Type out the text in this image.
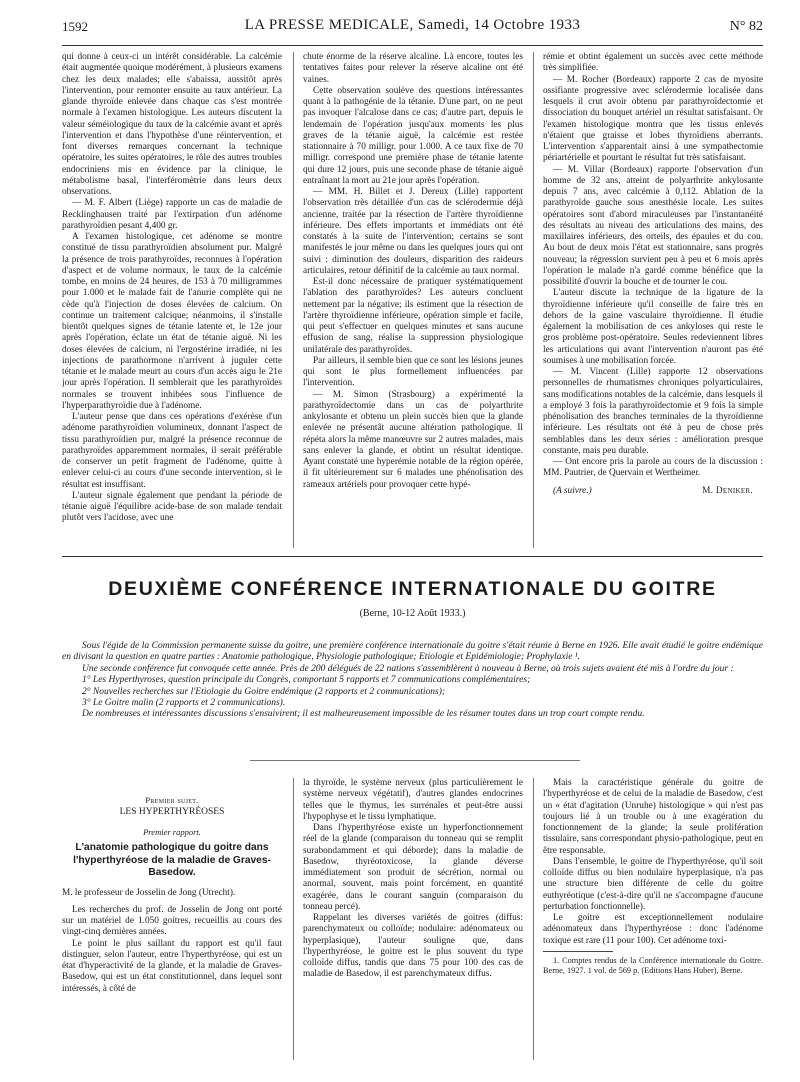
1592	LA PRESSE MEDICALE, Samedi, 14 Octobre 1933	N° 82

qui donne à ceux-ci un intérêt considérable. La calcémie était augmentée quoique modérément, à plusieurs examens chez les deux malades; elle s'abaissa, aussitôt après l'intervention, pour remonter ensuite au taux antérieur. La glande thyroïde enlevée dans chaque cas s'est montrée normale à l'examen histologique. Les auteurs discutent la valeur séméiologique du taux de la calcémie avant et après l'intervention et dans l'hypothèse d'une réintervention, et font diverses remarques concernant la technique opératoire, les suites opératoires, le rôle des autres troubles endocriniens mis en évidence par la clinique, le métabolisme basal, l'interféromètrie dans leurs deux observations.

— M. F. Albert (Liège) rapporte un cas de maladie de Recklinghausen traité par l'extirpation d'un adénome parathyroïdien pesant 4,400 gr.

A l'examen histologique, cet adénome se montre constitué de tissu parathyroïdien absolument pur. Malgré la présence de trois parathyroïdes, reconnues à l'opération d'aspect et de volume normaux, le taux de la calcémie tombe, en moins de 24 heures, de 153 à 70 milligrammes pour 1.000 et le malade fait de l'anurie complète qui ne cède qu'à l'injection de doses élevées de calcium. On continue un traitement calcique; néanmoins, il s'installe bientôt quelques signes de tétanie latente et, le 12e jour après l'opération, éclate un état de tétanie aiguë. Ni les doses élevées de calcium, ni l'ergostérine irradiée, ni les injections de parathormone n'arrivent à juguler cette tétanie et le malade meurt au cours d'un accès aigu le 21e jour après l'opération. Il semblerait que les parathyroïdes normales se trouvent inhibées sous l'influence de l'hyperparathyroïdie due à l'adénome.

L'auteur pense que dans ces opérations d'exérèse d'un adénome parathyroïdien volumineux, donnant l'aspect de tissu parathyroïdien pur, malgré la présence reconnue de parathyroïdes apparemment normales, il serait préférable de conserver un petit fragment de l'adénome, quitte à enlever celui-ci au cours d'une seconde intervention, si le résultat est insuffisant.

L'auteur signale également que pendant la période de tétanie aiguë l'équilibre acide-base de son malade tendait plutôt vers l'acidose, avec une

chute énorme de la réserve alcaline. Là encore, toutes les tentatives faites pour relever la réserve alcaline ont été vaines.

Cette observation soulève des questions intéressantes quant à la pathogénie de la tétanie. D'une part, on ne peut pas invoquer l'alcalose dans ce cas; d'autre part, depuis le lendemain de l'opération jusqu'aux moments les plus graves de la tétanie aiguë, la calcémie est restée stationnaire à 70 milligr. pour 1.000. A ce taux fixe de 70 milligr. correspond une première phase de tétanie latente qui dure 12 jours, puis une seconde phase de tétanie aiguë entraînant la mort au 21e jour après l'opération.

— MM. H. Billet et J. Dereux (Lille) rapportent l'observation très détaillée d'un cas de sclérodermie déjà ancienne, traitée par la résection de l'artère thyroïdienne inférieure. Des effets importants et immédiats ont été constatés à la suite de l'intervention; certains se sont manifestés le jour même ou dans les quelques jours qui ont suivi : diminution des douleurs, disparition des raideurs articulaires, retour définitif de la calcémie au taux normal.

Est-il donc nécessaire de pratiquer systématiquement l'ablation des parathyroïdes? Les auteurs concluent nettement par la négative; ils estiment que la résection de l'artère thyroïdienne inférieure, opération simple et facile, qui peut s'effectuer en quelques minutes et sans aucune effusion de sang, réalise la suppression physiologique unilatérale des parathyroïdes.

Par ailleurs, il semble bien que ce sont les lésions jeunes qui sont le plus formellement influencées par l'intervention.

— M. Simon (Strasbourg) a expérimenté la parathyroïdectomie dans un cas de polyarthrite ankylosante et obtenu un plein succès bien que la glande enlevée ne présentât aucune altération pathologique. Il répéta alors la même manœuvre sur 2 autres malades, mais sans enlever la glande, et obtint un résultat identique. Ayant constaté une hyperémie notable de la région opérée, il fit ultérieurement sur 6 malades une phénolisation des rameaux artériels pour provoquer cette hypé-

rémie et obtint également un succès avec cette méthode très simplifiée.

— M. Rocher (Bordeaux) rapporte 2 cas de myosite ossifiante progressive avec sclérodermie localisée dans lesquels il crut avoir obtenu par parathyroïdectomie et dissociation du bouquet artériel un résultat satisfaisant. Or l'examen histologique montra que les tissus enlevés n'étaient que graisse et lobes thyroïdiens aberrants. L'intervention s'apparentait ainsi à une sympathectomie périartérielle et pourtant le résultat fut très satisfaisant.

— M. Villar (Bordeaux) rapporte l'observation d'un homme de 32 ans, atteint de polyarthrite ankylosante depuis 7 ans, avec calcémie à 0,112. Ablation de la parathyroïde gauche sous anesthésie locale. Les suites opératoires sont d'abord miraculeuses par l'instantanéité des résultats au niveau des articulations des mains, des maxillaires inférieurs, des orteils, des épaules et du cou. Au bout de deux mois l'état est stationnaire, sans progrès nouveau; la régression survient peu à peu et 6 mois après l'opération le malade n'a gardé comme bénéfice que la possibilité d'ouvrir la bouche et de tourner le cou.

L'auteur discute la technique de la ligature de la thyroïdienne inférieure qu'il conseille de faire très en dehors de la gaine vasculaire thyroïdienne. Il étudie également la mobilisation de ces ankyloses qui reste le gros problème post-opératoire. Seules redeviennent libres les articulations qui avant l'intervention n'auront pas été soumises à une mobilisation forcée.

— M. Vincent (Lille) rapporte 12 observations personnelles de rhumatismes chroniques polyarticulaires, sans modifications notables de la calcémie, dans lesquels il a employé 3 fois la parathyroïdectomie et 9 fois la simple phénolisation des branches terminales de la thyroïdienne inférieure. Les résultats ont été à peu de chose près semblables dans les deux séries : amélioration presque constante, mais peu durable.

— Ont encore pris la parole au cours de la discussion : MM. Pautrier, de Quervain et Wertheimer.

(A suivre.)	M. Deniker.
DEUXIÈME CONFÉRENCE INTERNATIONALE DU GOITRE
(Berne, 10-12 Août 1933.)

Sous l'égide de la Commission permanente suisse du goitre, une première conférence internationale du goitre s'était réunie à Berne en 1926. Elle avait étudié le goitre endémique en divisant la question en quatre parties : Anatomie pathologique, Physiologie pathologique; Etiologie et Epidémiologie; Prophylaxie ¹.

Une seconde conférence fut convoquée cette année. Près de 200 délégués de 22 nations s'assemblèrent à nouveau à Berne, où trois sujets avaient été mis à l'ordre du jour :

1° Les Hyperthyroses, question principale du Congrès, comportant 5 rapports et 7 communications complémentaires;

2° Nouvelles recherches sur l'Etiologie du Goitre endémique (2 rapports et 2 communications);

3° Le Goitre malin (2 rapports et 2 communications).

De nombreuses et intéressantes discussions s'ensuivirent; il est malheureusement impossible de les résumer toutes dans un trop court compte rendu.

Premier sujet.
LES HYPERTHYRÉOSES
Premier rapport.
L'anatomie pathologique du goitre dans l'hyperthyréose de la maladie de Graves-Basedow.

M. le professeur de Josselin de Jong (Utrecht).

Les recherches du prof. de Josselin de Jong ont porté sur un matériel de 1.050 goitres, recueillis au cours des vingt-cinq dernières années.

Le point le plus saillant du rapport est qu'il faut distinguer, selon l'auteur, entre l'hyperthyréose, qui est un état d'hyperactivité de la glande, et la maladie de Graves-Basedow, qui est un état constitutionnel, dans lequel sont intéressés, à côté de

la thyroïde, le système nerveux (plus particulièrement le système nerveux végétatif), d'autres glandes endocrines telles que le thymus, les surrénales et peut-être aussi l'hypophyse et le tissu lymphatique.

Dans l'hyperthyréose existe un hyperfonctionnement réel de la glande (comparaison du tonneau qui se remplit surabondamment et qui déborde); dans la maladie de Basedow, thyréotoxicose, la glande déverse immédiatement son produit de sécrétion, normal ou anormal, souvent, mais point forcément, en quantité exagérée, dans le courant sanguin (comparaison du tonneau percé).

Rappelant les diverses variétés de goitres (diffus: parenchymateux ou colloïde; nodulaire: adénomateux ou hyperplasique), l'auteur souligne que, dans l'hyperthyréose, le goitre est le plus souvent du type colloïde diffus, tandis que dans 75 pour 100 des cas de maladie de Basedow, il est parenchymateux diffus.

Mais la caractéristique générale du goitre de l'hyperthyréose et de celui de la maladie de Basedow, c'est un « état d'agitation (Unruhe) histologique » qui n'est pas toujours lié à un trouble ou à une exagération du fonctionnement de la glande; la seule prolifération tissulaire, sans correspondant physio-pathologique, peut en être responsable.

Dans l'ensemble, le goitre de l'hyperthyréose, qu'il soit colloïde diffus ou bien nodulaire hyperplasique, n'a pas une structure bien différente de celle du goitre euthyréotique (c'est-à-dire qu'il ne s'accompagne d'aucune perturbation fonctionnelle).

Le goitre est exceptionnellement nodulaire adénomateux dans l'hyperthyréose : donc l'adénome toxique est rare (11 pour 100). Cet adénome toxi-

1. Comptes rendus de la Conférence internationale du Goitre. Berne, 1927. 1 vol. de 569 p. (Editions Hans Huber), Berne.
